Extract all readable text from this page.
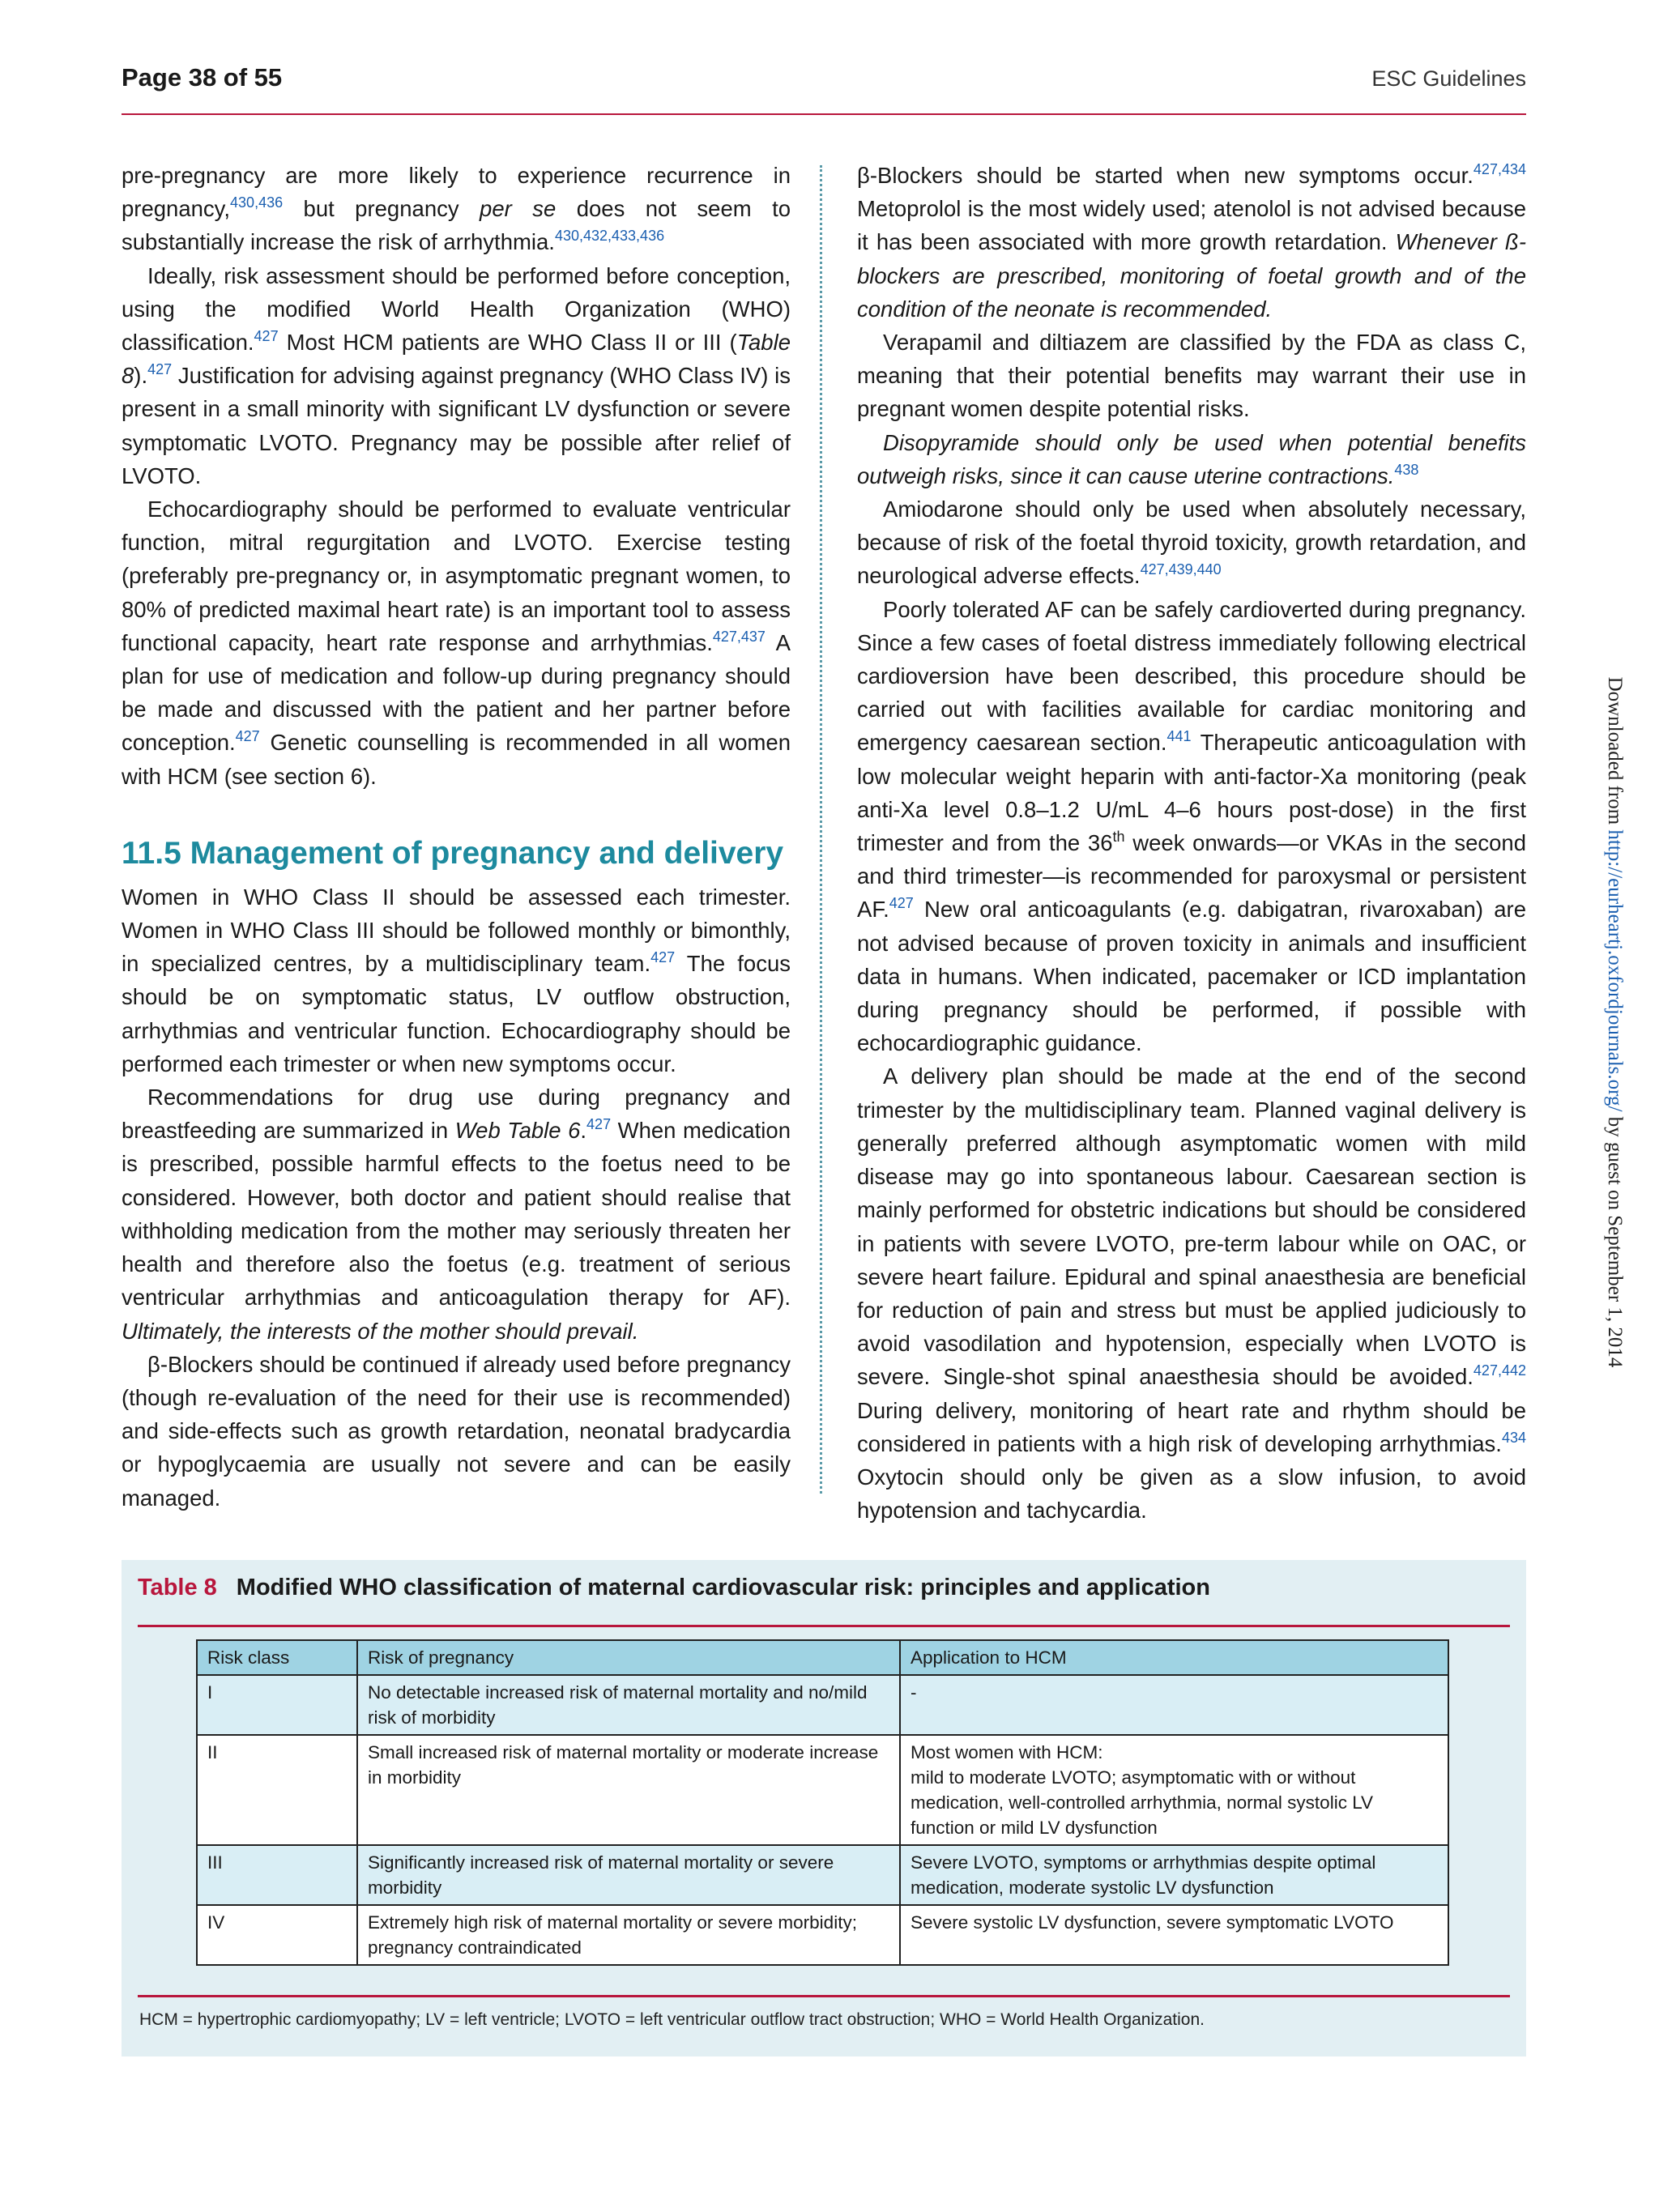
Page 38 of 55	ESC Guidelines

pre-pregnancy are more likely to experience recurrence in pregnancy,$^{430,436}$ but pregnancy per se does not seem to substantially increase the risk of arrhythmia.$^{430,432,433,436}$

Ideally, risk assessment should be performed before conception, using the modified World Health Organization (WHO) classification.$^{427}$ Most HCM patients are WHO Class II or III (Table 8).$^{427}$ Justification for advising against pregnancy (WHO Class IV) is present in a small minority with significant LV dysfunction or severe symptomatic LVOTO. Pregnancy may be possible after relief of LVOTO.

Echocardiography should be performed to evaluate ventricular function, mitral regurgitation and LVOTO. Exercise testing (preferably pre-pregnancy or, in asymptomatic pregnant women, to 80% of predicted maximal heart rate) is an important tool to assess functional capacity, heart rate response and arrhythmias.$^{427,437}$ A plan for use of medication and follow-up during pregnancy should be made and discussed with the patient and her partner before conception.$^{427}$ Genetic counselling is recommended in all women with HCM (see section 6).

11.5 Management of pregnancy and delivery

Women in WHO Class II should be assessed each trimester. Women in WHO Class III should be followed monthly or bimonthly, in specialized centres, by a multidisciplinary team.$^{427}$ The focus should be on symptomatic status, LV outflow obstruction, arrhythmias and ventricular function. Echocardiography should be performed each trimester or when new symptoms occur.

Recommendations for drug use during pregnancy and breastfeeding are summarized in Web Table 6.$^{427}$ When medication is prescribed, possible harmful effects to the foetus need to be considered. However, both doctor and patient should realise that withholding medication from the mother may seriously threaten her health and therefore also the foetus (e.g. treatment of serious ventricular arrhythmias and anticoagulation therapy for AF). Ultimately, the interests of the mother should prevail.

β-Blockers should be continued if already used before pregnancy (though re-evaluation of the need for their use is recommended) and side-effects such as growth retardation, neonatal bradycardia or hypoglycaemia are usually not severe and can be easily managed.

β-Blockers should be started when new symptoms occur.$^{427,434}$ Metoprolol is the most widely used; atenolol is not advised because it has been associated with more growth retardation. Whenever ß-blockers are prescribed, monitoring of foetal growth and of the condition of the neonate is recommended.

Verapamil and diltiazem are classified by the FDA as class C, meaning that their potential benefits may warrant their use in pregnant women despite potential risks.

Disopyramide should only be used when potential benefits outweigh risks, since it can cause uterine contractions.$^{438}$

Amiodarone should only be used when absolutely necessary, because of risk of the foetal thyroid toxicity, growth retardation, and neurological adverse effects.$^{427,439,440}$

Poorly tolerated AF can be safely cardioverted during pregnancy. Since a few cases of foetal distress immediately following electrical cardioversion have been described, this procedure should be carried out with facilities available for cardiac monitoring and emergency caesarean section.$^{441}$ Therapeutic anticoagulation with low molecular weight heparin with anti-factor-Xa monitoring (peak anti-Xa level 0.8–1.2 U/mL 4–6 hours post-dose) in the first trimester and from the 36th week onwards—or VKAs in the second and third trimester—is recommended for paroxysmal or persistent AF.$^{427}$ New oral anticoagulants (e.g. dabigatran, rivaroxaban) are not advised because of proven toxicity in animals and insufficient data in humans. When indicated, pacemaker or ICD implantation during pregnancy should be performed, if possible with echocardiographic guidance.

A delivery plan should be made at the end of the second trimester by the multidisciplinary team. Planned vaginal delivery is generally preferred although asymptomatic women with mild disease may go into spontaneous labour. Caesarean section is mainly performed for obstetric indications but should be considered in patients with severe LVOTO, pre-term labour while on OAC, or severe heart failure. Epidural and spinal anaesthesia are beneficial for reduction of pain and stress but must be applied judiciously to avoid vasodilation and hypotension, especially when LVOTO is severe. Single-shot spinal anaesthesia should be avoided.$^{427,442}$ During delivery, monitoring of heart rate and rhythm should be considered in patients with a high risk of developing arrhythmias.$^{434}$ Oxytocin should only be given as a slow infusion, to avoid hypotension and tachycardia.

Downloaded from http://eurheartj.oxfordjournals.org/ by guest on September 1, 2014
Table 8 Modified WHO classification of maternal cardiovascular risk: principles and application
Risk class	Risk of pregnancy	Application to HCM
I	No detectable increased risk of maternal mortality and no/mild risk of morbidity	-
II	Small increased risk of maternal mortality or moderate increase in morbidity	Most women with HCM:
mild to moderate LVOTO; asymptomatic with or without medication, well-controlled arrhythmia, normal systolic LV function or mild LV dysfunction

III	Significantly increased risk of maternal mortality or severe morbidity	Severe LVOTO, symptoms or arrhythmias despite optimal medication, moderate systolic LV dysfunction
IV	Extremely high risk of maternal mortality or severe morbidity; pregnancy contraindicated	Severe systolic LV dysfunction, severe symptomatic LVOTO
HCM = hypertrophic cardiomyopathy; LV = left ventricle; LVOTO = left ventricular outflow tract obstruction; WHO = World Health Organization.
